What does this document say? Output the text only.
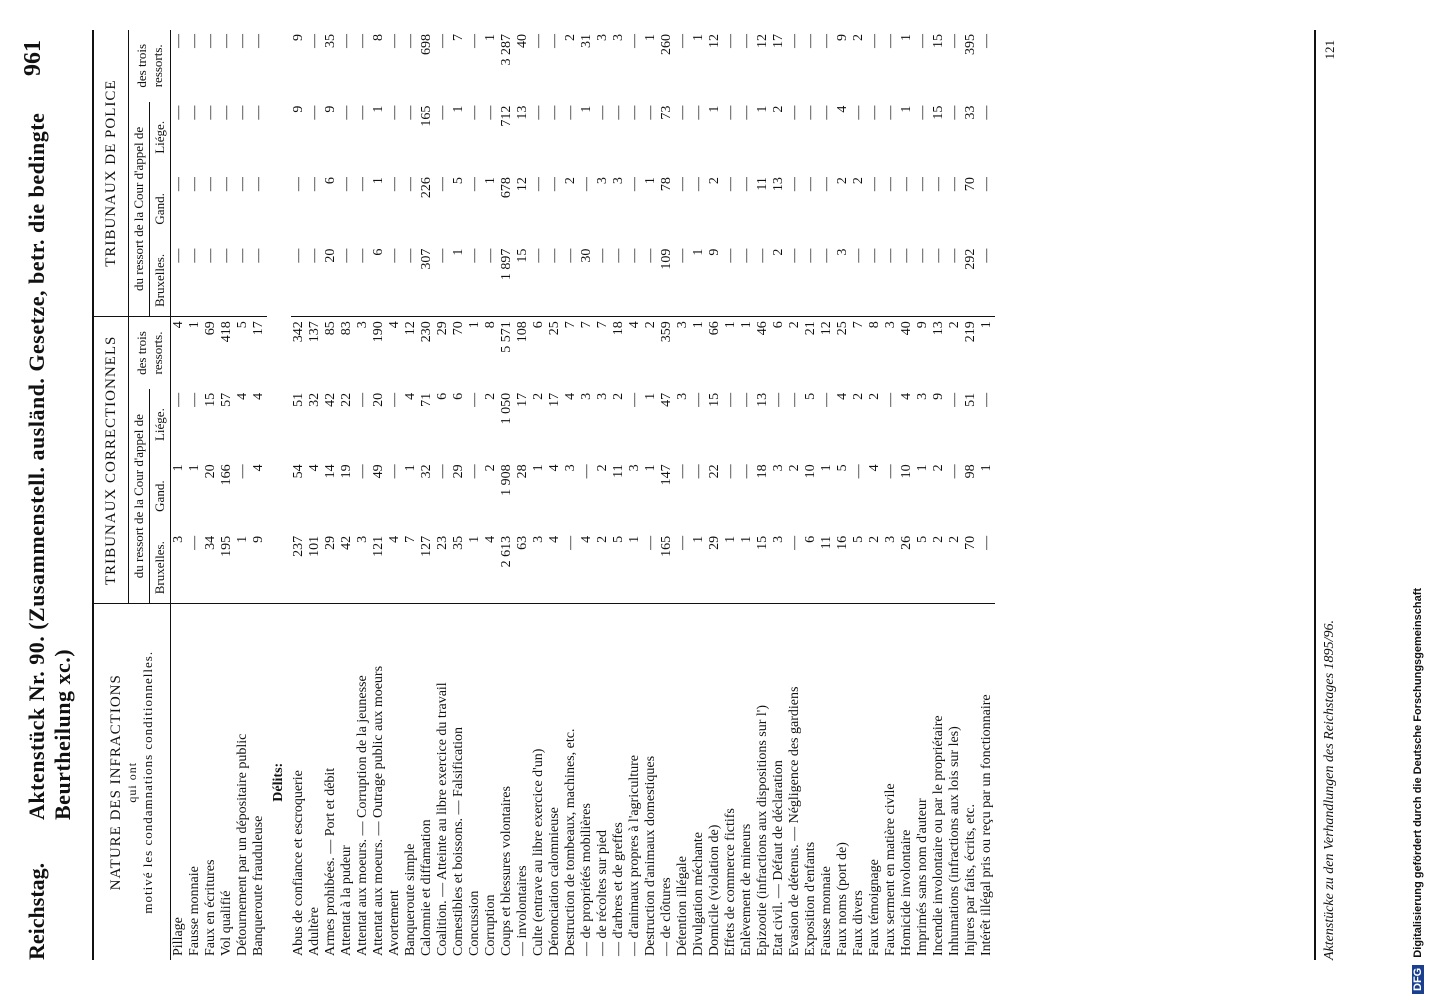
Reichstag.
Aktenstück Nr. 90. (Zusammenstell. ausländ. Gesetze, betr. die bedingte Beurtheilung xc.)
961
NATURE DES INFRACTIONS qui ont motivé les condamnations conditionnelles.	TRIBUNAUX CORRECTIONNELS				TRIBUNAUX DE POLICE			
	du ressort de la Cour d'appel de			des trois ressorts.	du ressort de la Cour d'appel de			des trois ressorts.
	Bruxelles.	Gand.	Liége.		Bruxelles.	Gand.	Liége.	
Pillage	3	1	—	4	—	—	—	—
Fausse monnaie	—	1	—	1	—	—	—	—
Faux en écritures	34	20	15	69	—	—	—	—
Vol qualifié	195	166	57	418	—	—	—	—
Détournement par un dépositaire public	1	—	4	5	—	—	—	—
Banqueroute frauduleuse	9	4	4	17	—	—	—	—
Délits:								
Abus de confiance et escroquerie	237	54	51	342	—	—	9	9
Adultère	101	4	32	137	—	—	—	—
Armes prohibées. — Port et débit	29	14	42	85	20	6	9	35
Attentat à la pudeur	42	19	22	83	—	—	—	—
Attentat aux moeurs. — Corruption de la jeunesse	3	—	—	3	—	—	—	—
Attentat aux moeurs. — Outrage public aux moeurs	121	49	20	190	6	1	1	8
Avortement	4	—	—	4	—	—	—	—
Banqueroute simple	7	1	4	12	—	—	—	—
Calomnie et diffamation	127	32	71	230	307	226	165	698
Coalition. — Atteinte au libre exercice du travail	23	—	6	29	—	—	—	—
Comestibles et boissons. — Falsification	35	29	6	70	1	5	1	7
Concussion	1	—	—	1	—	—	—	—
Corruption	4	2	2	8	—	1	—	1
Coups et blessures volontaires	2 613	1 908	1 050	5 571	1 897	678	712	3 287
— involontaires	63	28	17	108	15	12	13	40
Culte (entrave au libre exercice d'un)	3	1	2	6	—	—	—	—
Dénonciation calomnieuse	4	4	17	25	—	—	—	—
Destruction de tombeaux, machines, etc.	—	3	4	7	—	2	—	2
— de propriétés mobilières	4	—	3	7	30	—	1	31
— de récoltes sur pied	2	2	3	7	—	3	—	3
— d'arbres et de greffes	5	11	2	18	—	3	—	3
— d'animaux propres à l'agriculture	1	3	—	4	—	—	—	—
Destruction d'animaux domestiques	—	1	1	2	—	1	—	1
— de clôtures	165	147	47	359	109	78	73	260
Détention illégale	—	—	3	3	—	—	—	—
Divulgation méchante	1	—	—	1	1	—	—	1
Domicile (violation de)	29	22	15	66	9	2	1	12
Effets de commerce fictifs	1	—	—	1	—	—	—	—
Enlèvement de mineurs	1	—	—	1	—	—	—	—
Epizootie (infractions aux dispositions sur l')	15	18	13	46	—	11	1	12
Etat civil. — Défaut de déclaration	3	3	—	6	2	13	2	17
Evasion de détenus. — Négligence des gardiens	—	2	—	2	—	—	—	—
Exposition d'enfants	6	10	5	21	—	—	—	—
Fausse monnaie	11	1	—	12	—	—	—	—
Faux noms (port de)	16	5	4	25	3	2	4	9
Faux divers	5	—	2	7	—	2	—	2
Faux témoignage	2	4	2	8	—	—	—	—
Faux serment en matière civile	3	—	—	3	—	—	—	—
Homicide involontaire	26	10	4	40	—	—	1	1
Imprimés sans nom d'auteur	5	1	3	9	—	—	—	—
Incendie involontaire ou par le propriétaire	2	2	9	13	—	—	15	15
Inhumations (infractions aux lois sur les)	2	—	—	2	—	—	—	—
Injures par faits, écrits, etc.	70	98	51	219	292	70	33	395
Intérêt illégal pris ou reçu par un fonctionnaire	—	1	—	1	—	—	—	—
Aktenstücke zu den Verhandlungen des Reichstages 1895/96.
121
DFG Digitalisierung gefördert durch die Deutsche Forschungsgemeinschaft
